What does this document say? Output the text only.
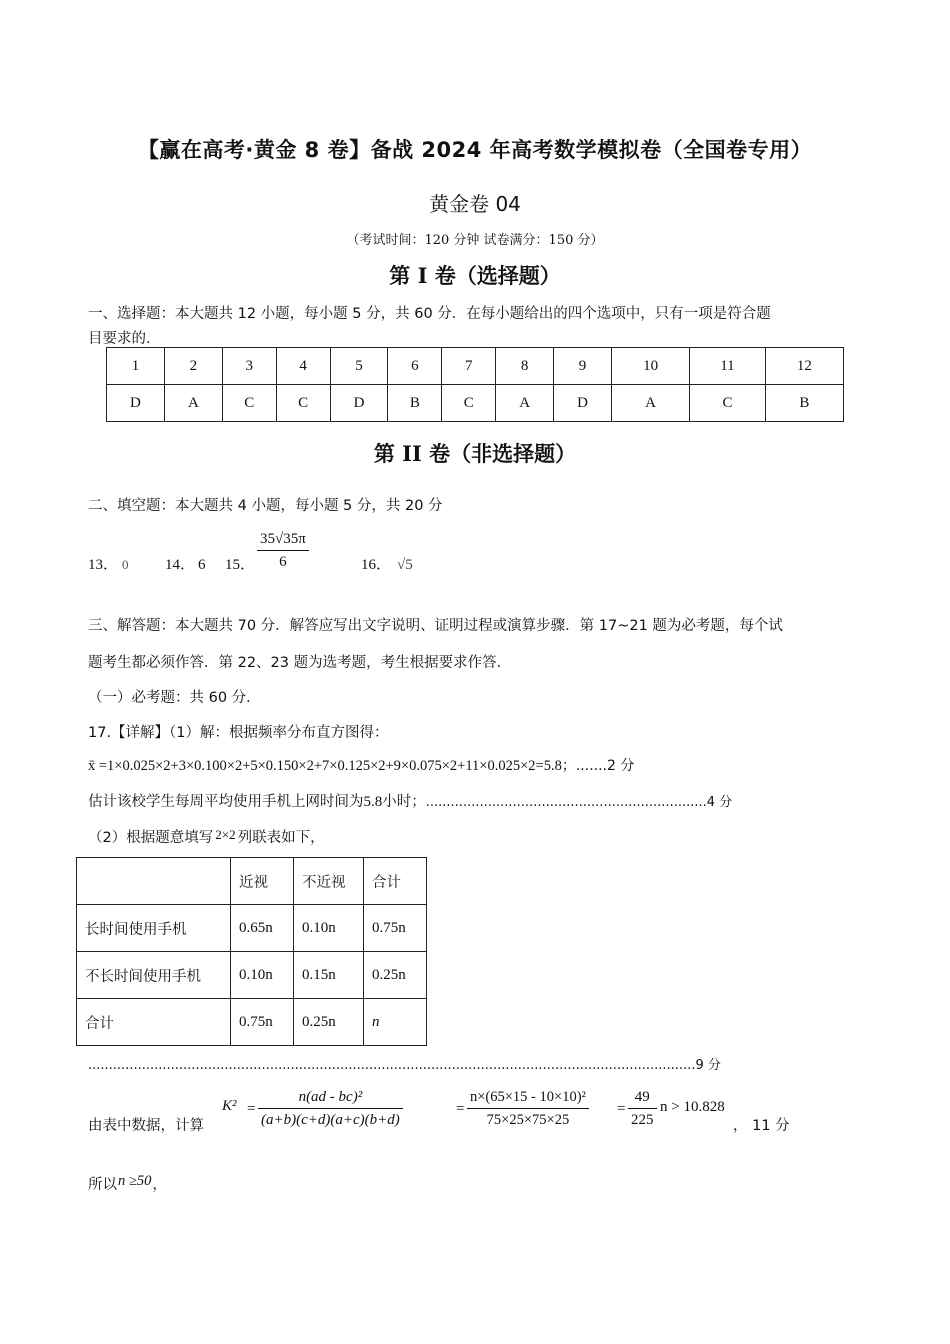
【赢在高考·黄金 8 卷】备战 2024 年高考数学模拟卷（全国卷专用）
黄金卷 04
（考试时间：120 分钟 试卷满分：150 分）
第 I 卷（选择题）
一、选择题：本大题共 12 小题，每小题 5 分，共 60 分．在每小题给出的四个选项中，只有一项是符合题
目要求的．
1	2	3	4	5	6	7	8	9	10	11	12
D	A	C	C	D	B	C	A	D	A	C	B
第 II 卷（非选择题）
二、填空题：本大题共 4 小题，每小题 5 分，共 20 分
13． 0 14． 6 15． $\frac{35√35\pi}{6}$	16． √5
三、解答题：本大题共 70 分．解答应写出文字说明、证明过程或演算步骤．第 17~21 题为必考题，每个试
题考生都必须作答．第 22、23 题为选考题，考生根据要求作答．
（一）必考题：共 60 分．
17.【详解】（1）解：根据频率分布直方图得：
x̄ =1×0.025×2+3×0.100×2+5×0.150×2+7×0.125×2+9×0.075×2+11×0.025×2=5.8；.......2 分
估计该校学生每周平均使用手机上网时间为5.8小时；....................................................................4 分
（2）根据题意填写 2×2 列联表如下，
	近视	不近视	合计
长时间使用手机	0.65n	0.10n	0.75n
不长时间使用手机	0.10n	0.15n	0.25n
合计	0.75n	0.25n	n
...................................................................................................................................................9 分
由表中数据，计算
$K^2 = \frac{\text{n(ad - bc)²}}{(a+b)(c+d)(a+c)(b+d)}$	= $\frac{\text{n×(65×15 - 10×10)²}}{75\times 25\times 75\times 25} = \frac{49}{225}$ n > 10.828
， 11 分
所以n ≥50，
